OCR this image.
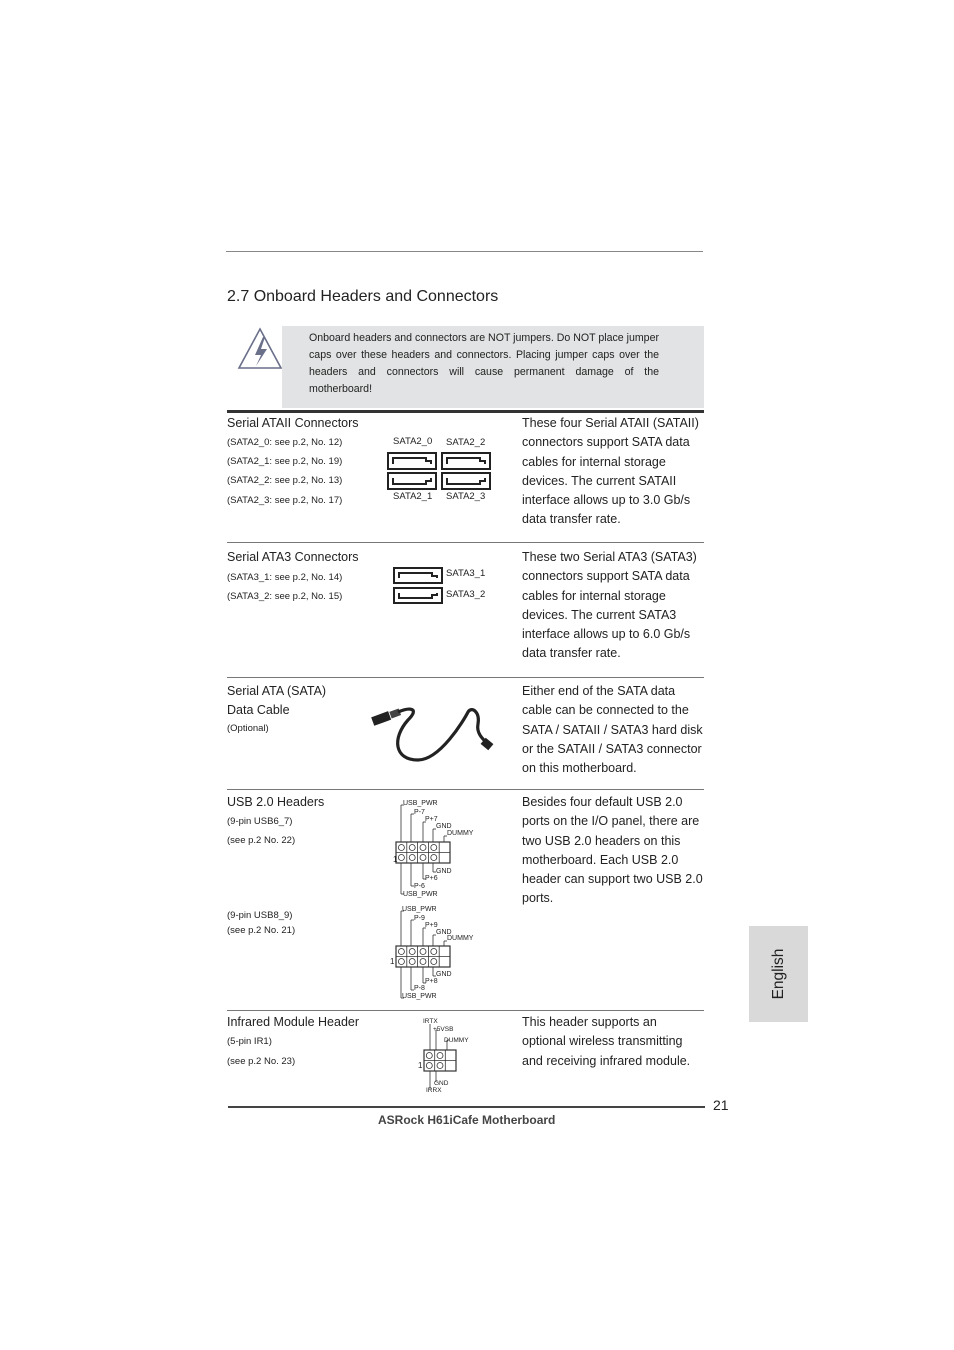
2.7 Onboard Headers and Connectors
Onboard headers and connectors are NOT jumpers. Do NOT place jumper caps over these headers and connectors. Placing jumper caps over the headers and connectors will cause permanent damage of the motherboard!
Serial ATAII Connectors
(SATA2_0: see p.2, No. 12)
(SATA2_1: see p.2, No. 19)
(SATA2_2: see p.2, No. 13)
(SATA2_3: see p.2, No. 17)
SATA2_0 SATA2_2
SATA2_1 SATA2_3
These four Serial ATAII (SATAII) connectors support SATA data cables for internal storage devices. The current SATAII interface allows up to 3.0 Gb/s data transfer rate.
Serial ATA3 Connectors
(SATA3_1: see p.2, No. 14)
(SATA3_2: see p.2, No. 15)
SATA3_1
SATA3_2
These two Serial ATA3 (SATA3) connectors support SATA data cables for internal storage devices. The current SATA3 interface allows up to 6.0 Gb/s data transfer rate.
Serial ATA (SATA)
Data Cable
(Optional)
Either end of the SATA data cable can be connected to the SATA / SATAII / SATA3 hard disk or the SATAII / SATA3 connector on this motherboard.
USB 2.0 Headers
(9-pin USB6_7)
(see p.2 No. 22)
(9-pin USB8_9)
(see p.2 No. 21)
Besides four default USB 2.0 ports on the I/O panel, there are two USB 2.0 headers on this motherboard. Each USB 2.0 header can support two USB 2.0 ports.
1
USB_PWR
P-7
P+7
GND
DUMMY
GND
P+6
P-6
USB_PWR
1
USB_PWR
P-9
P+9
GND
DUMMY
GND
P+8
P-8
USB_PWR
Infrared Module Header
(5-pin IR1)
(see p.2 No. 23)	1
IRTX
+5VSB
DUMMY
GND
IRRX
This header supports an optional wireless transmitting and receiving infrared module.
English
21
ASRock H61iCafe Motherboard
